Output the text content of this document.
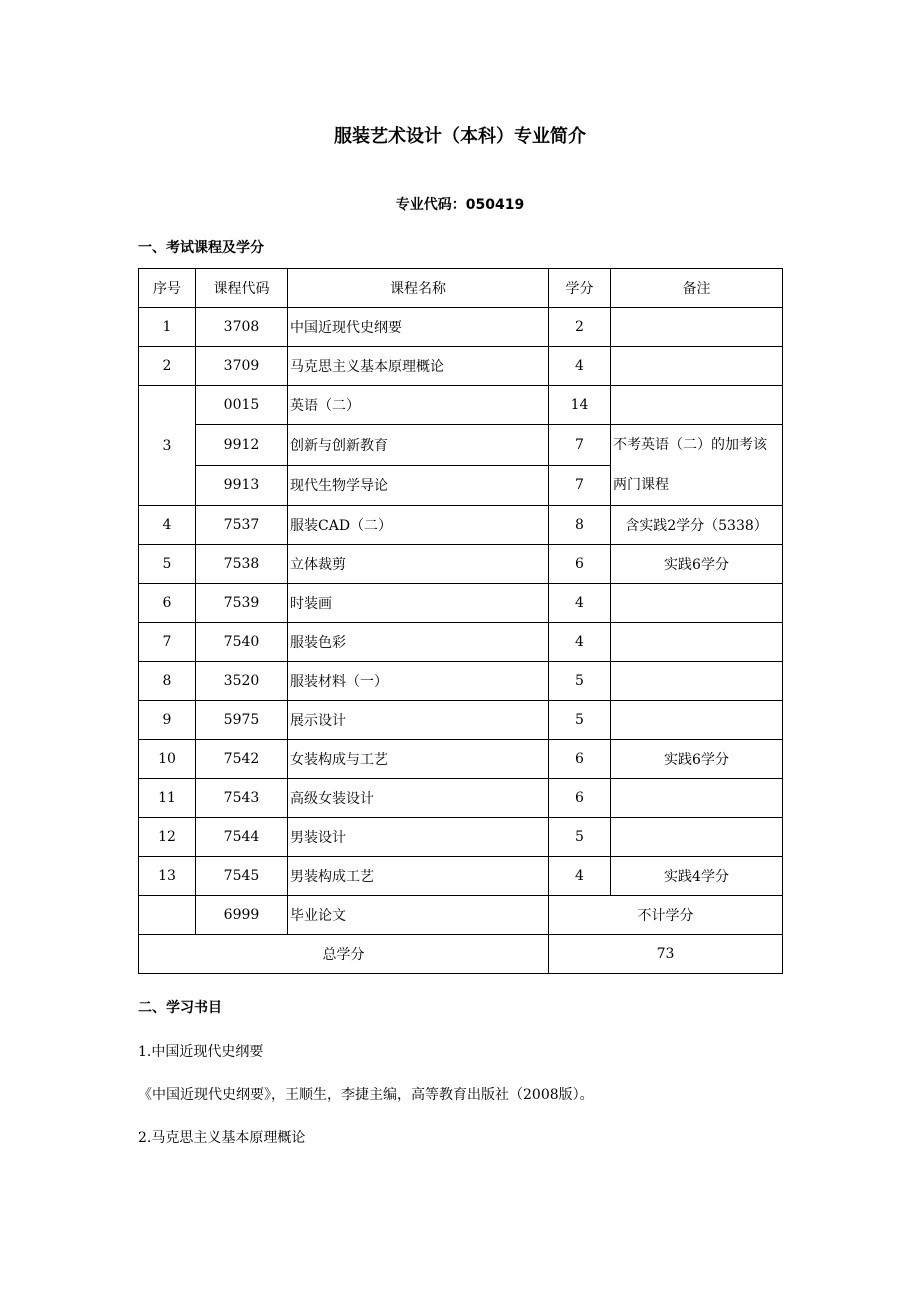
服装艺术设计（本科）专业简介
专业代码：050419
一、考试课程及学分
序号	课程代码	课程名称	学分	备注
1	3708	中国近现代史纲要	2	
2	3709	马克思主义基本原理概论	4	
3	0015	英语（二）	14	
	9912	创新与创新教育	7	不考英语（二）的加考该两门课程
	9913	现代生物学导论	7	
4	7537	服装CAD（二）	8	含实践2学分（5338）
5	7538	立体裁剪	6	实践6学分
6	7539	时装画	4	
7	7540	服装色彩	4	
8	3520	服装材料（一）	5	
9	5975	展示设计	5	
10	7542	女装构成与工艺	6	实践6学分
11	7543	高级女装设计	6	
12	7544	男装设计	5	
13	7545	男装构成工艺	4	实践4学分
	6999	毕业论文	不计学分	
总学分			73	
二、学习书目
1.中国近现代史纲要
《中国近现代史纲要》，王顺生，李捷主编，高等教育出版社（2008版）。
2.马克思主义基本原理概论
